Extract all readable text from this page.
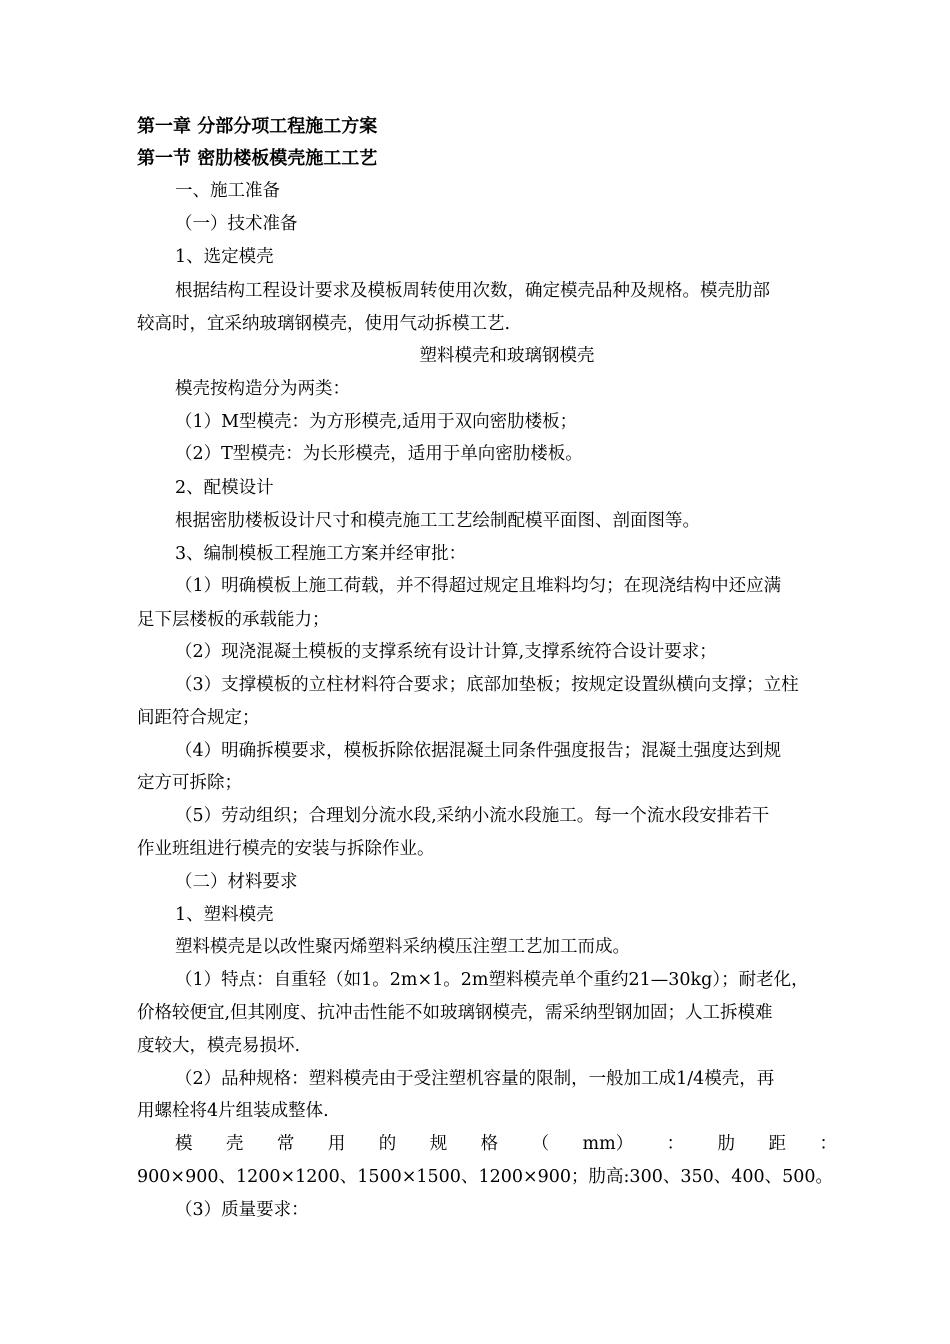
第一章 分部分项工程施工方案
第一节 密肋楼板模壳施工工艺
一、施工准备
（一）技术准备
1、选定模壳
根据结构工程设计要求及模板周转使用次数，确定模壳品种及规格。模壳肋部
较高时，宜采纳玻璃钢模壳，使用气动拆模工艺.
塑料模壳和玻璃钢模壳
模壳按构造分为两类：
（1）M型模壳：为方形模壳,适用于双向密肋楼板；
（2）T型模壳：为长形模壳，适用于单向密肋楼板。
2、配模设计
根据密肋楼板设计尺寸和模壳施工工艺绘制配模平面图、剖面图等。
3、编制模板工程施工方案并经审批：
（1）明确模板上施工荷载，并不得超过规定且堆料均匀；在现浇结构中还应满
足下层楼板的承载能力；
（2）现浇混凝土模板的支撑系统有设计计算,支撑系统符合设计要求；
（3）支撑模板的立柱材料符合要求；底部加垫板；按规定设置纵横向支撑；立柱
间距符合规定；
（4）明确拆模要求，模板拆除依据混凝土同条件强度报告；混凝土强度达到规
定方可拆除；
（5）劳动组织；合理划分流水段,采纳小流水段施工。每一个流水段安排若干
作业班组进行模壳的安装与拆除作业。
（二）材料要求
1、塑料模壳
塑料模壳是以改性聚丙烯塑料采纳模压注塑工艺加工而成。
（1）特点：自重轻（如1。2m×1。2m塑料模壳单个重约21—30kg）；耐老化，
价格较便宜,但其刚度、抗冲击性能不如玻璃钢模壳，需采纳型钢加固；人工拆模难
度较大，模壳易损坏.
（2）品种规格：塑料模壳由于受注塑机容量的限制，一般加工成1/4模壳，再
用螺栓将4片组装成整体.
模 壳 常 用 的 规 格 （ mm） ： 肋 距 ：
900×900、1200×1200、1500×1500、1200×900；肋高:300、350、400、500。
（3）质量要求：
